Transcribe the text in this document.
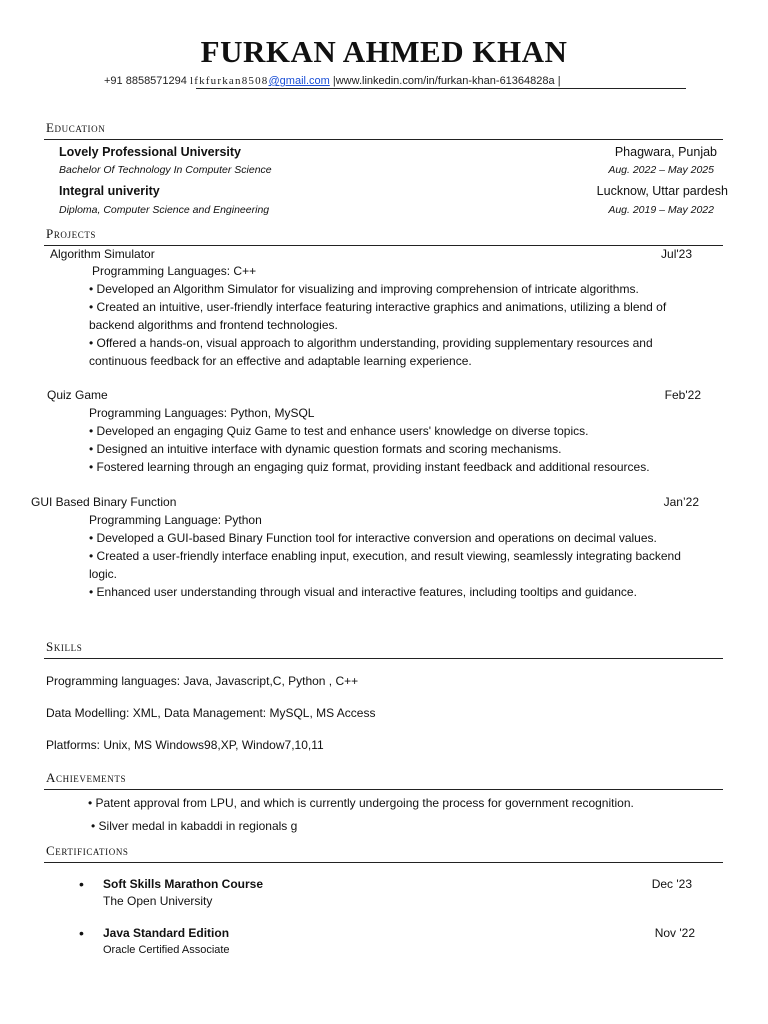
FURKAN AHMED KHAN
+91 8858571294 lfkfurkan8508@gmail.com |www.linkedin.com/in/furkan-khan-61364828a |
Education
Lovely Professional University	Phagwara, Punjab
Bachelor Of Technology In Computer Science	Aug. 2022 – May 2025
Integral univerity	Lucknow, Uttar pardesh
Diploma, Computer Science and Engineering	Aug. 2019 – May 2022
Projects
Algorithm Simulator	Jul'23
Programming Languages: C++
• Developed an Algorithm Simulator for visualizing and improving comprehension of intricate algorithms.
• Created an intuitive, user-friendly interface featuring interactive graphics and animations, utilizing a blend of
backend algorithms and frontend technologies.
• Offered a hands-on, visual approach to algorithm understanding, providing supplementary resources and
continuous feedback for an effective and adaptable learning experience.
Quiz Game	Feb'22
Programming Languages: Python, MySQL
• Developed an engaging Quiz Game to test and enhance users' knowledge on diverse topics.
• Designed an intuitive interface with dynamic question formats and scoring mechanisms.
• Fostered learning through an engaging quiz format, providing instant feedback and additional resources.
GUI Based Binary Function	Jan’22
Programming Language: Python
• Developed a GUI-based Binary Function tool for interactive conversion and operations on decimal values.
• Created a user-friendly interface enabling input, execution, and result viewing, seamlessly integrating backend
logic.
• Enhanced user understanding through visual and interactive features, including tooltips and guidance.
Skills
Programming languages: Java, Javascript,C, Python , C++
Data Modelling: XML, Data Management: MySQL, MS Access
Platforms: Unix, MS Windows98,XP, Window7,10,11
Achievements
• Patent approval from LPU, and which is currently undergoing the process for government recognition.
• Silver medal in kabaddi in regionals g
Certifications
• Soft Skills Marathon Course	Dec '23
The Open University
• Java Standard Edition	Nov '22
Oracle Certified Associate
